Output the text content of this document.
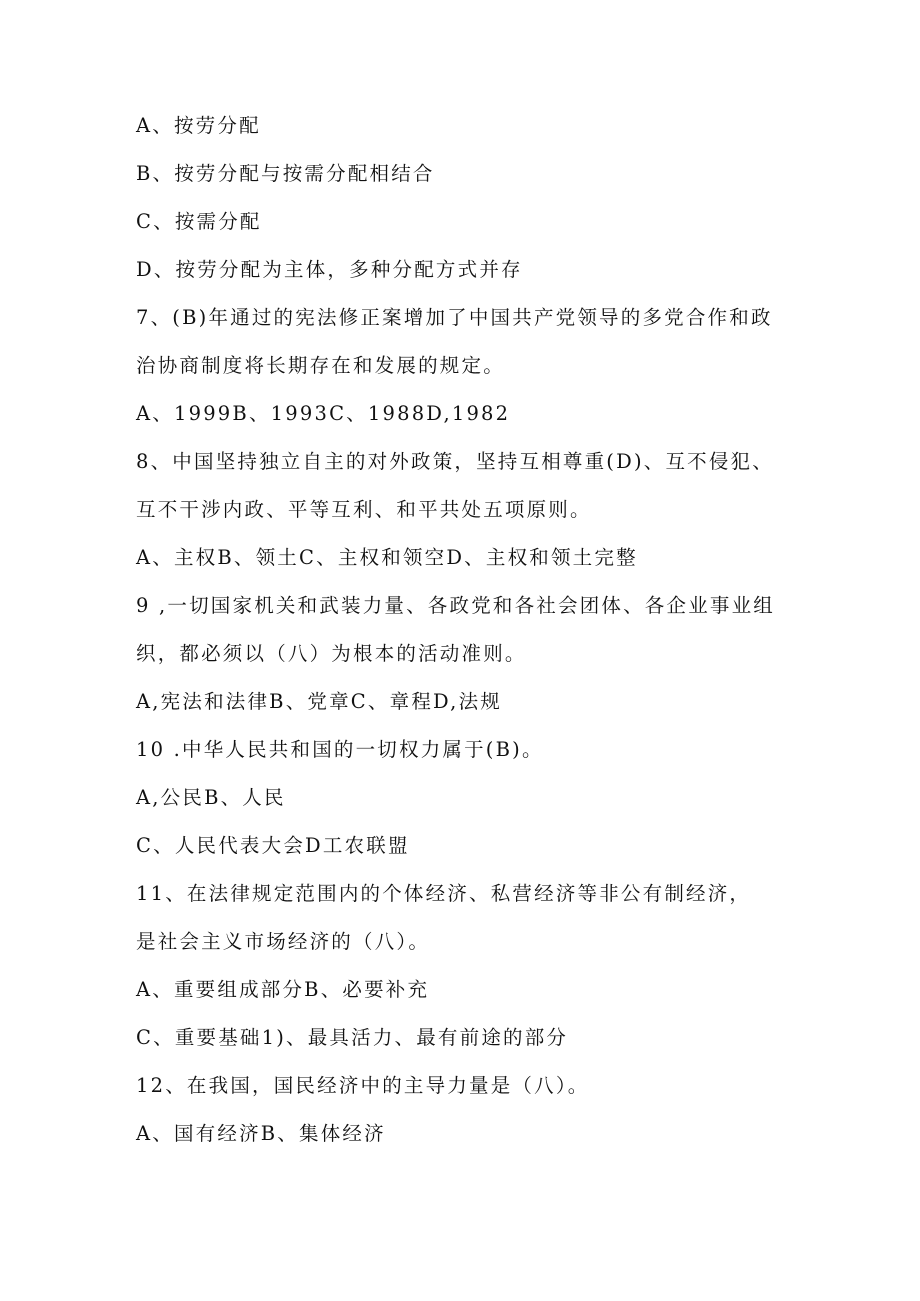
A、按劳分配
B、按劳分配与按需分配相结合
C、按需分配
D、按劳分配为主体，多种分配方式并存
7、(B)年通过的宪法修正案增加了中国共产党领导的多党合作和政
治协商制度将长期存在和发展的规定。
A、1999B、1993C、1988D,1982
8、中国坚持独立自主的对外政策，坚持互相尊重(D)、互不侵犯、
互不干涉内政、平等互利、和平共处五项原则。
A、主权B、领土C、主权和领空D、主权和领土完整
9 ,一切国家机关和武装力量、各政党和各社会团体、各企业事业组
织，都必须以（八）为根本的活动准则。
A,宪法和法律B、党章C、章程D,法规
10 .中华人民共和国的一切权力属于(B)。
A,公民B、人民
C、人民代表大会D工农联盟
11、在法律规定范围内的个体经济、私营经济等非公有制经济，
是社会主义市场经济的（八）。
A、重要组成部分B、必要补充
C、重要基础1)、最具活力、最有前途的部分
12、在我国，国民经济中的主导力量是（八）。
A、国有经济B、集体经济
